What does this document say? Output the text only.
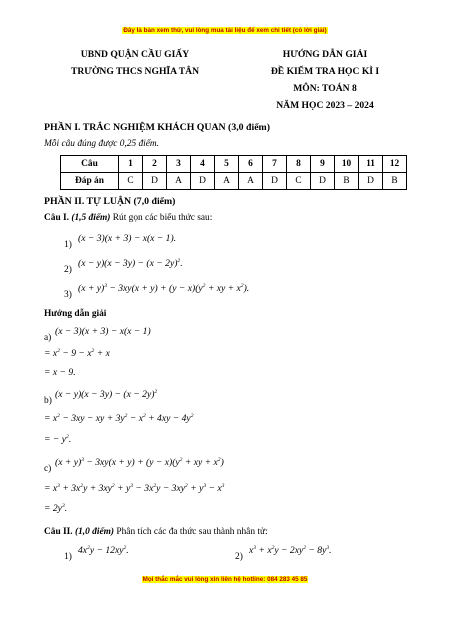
Đây là bản xem thử, vui lòng mua tài liệu để xem chi tiết (có lời giải)
UBND QUẬN CẦU GIẤY
TRƯỜNG THCS NGHĨA TÂN
HƯỚNG DẪN GIẢI
ĐỀ KIỂM TRA HỌC KÌ I
MÔN: TOÁN 8
NĂM HỌC 2023 – 2024
PHẦN I. TRẮC NGHIỆM KHÁCH QUAN (3,0 điểm)
Mỗi câu đúng được 0,25 điểm.
Câu	1	2	3	4	5	6	7	8	9	10	11	12
Đáp án	C	D	A	D	A	A	D	C	D	B	D	B
PHẦN II. TỰ LUẬN (7,0 điểm)
Câu I. (1,5 điểm) Rút gọn các biểu thức sau:
1)
(x − 3)(x + 3) − x(x − 1).
2)
$(x - y)(x - 3y) - (x - 2y)^2$.
3)
$(x + y)^3 - 3xy(x + y) + (y - x)(y^2$ + xy + $x^2$).
Hướng dẫn giải
a)
(x − 3)(x + 3) − x(x − 1)
= $x^2 - 9 - x^2 + x$
= x − 9.
b)
$(x - y)(x - 3y) - (x - 2y)^2$
= $x^2 - 3xy$ − xy + $3y^2 - x^2 + 4xy - 4y^2$
= − $y^2$.
c)
$(x + y)^3 - 3xy(x + y) + (y - x)(y^2$ + xy + $x^2$)
= $x^3 + 3x^2y + 3xy^2 + y^3 - 3x^2y - 3xy^2 + y^3 - x^3$
= $2y^3$.
Câu II. (1,0 điểm) Phân tích các đa thức sau thành nhân tử:
1)
$4x^2y - 12xy^2$.
2)
$x^3 + x^2y - 2xy^2 - 8y^3$.
Mọi thắc mắc vui lòng xin liên hệ hotline: 084 283 45 85
